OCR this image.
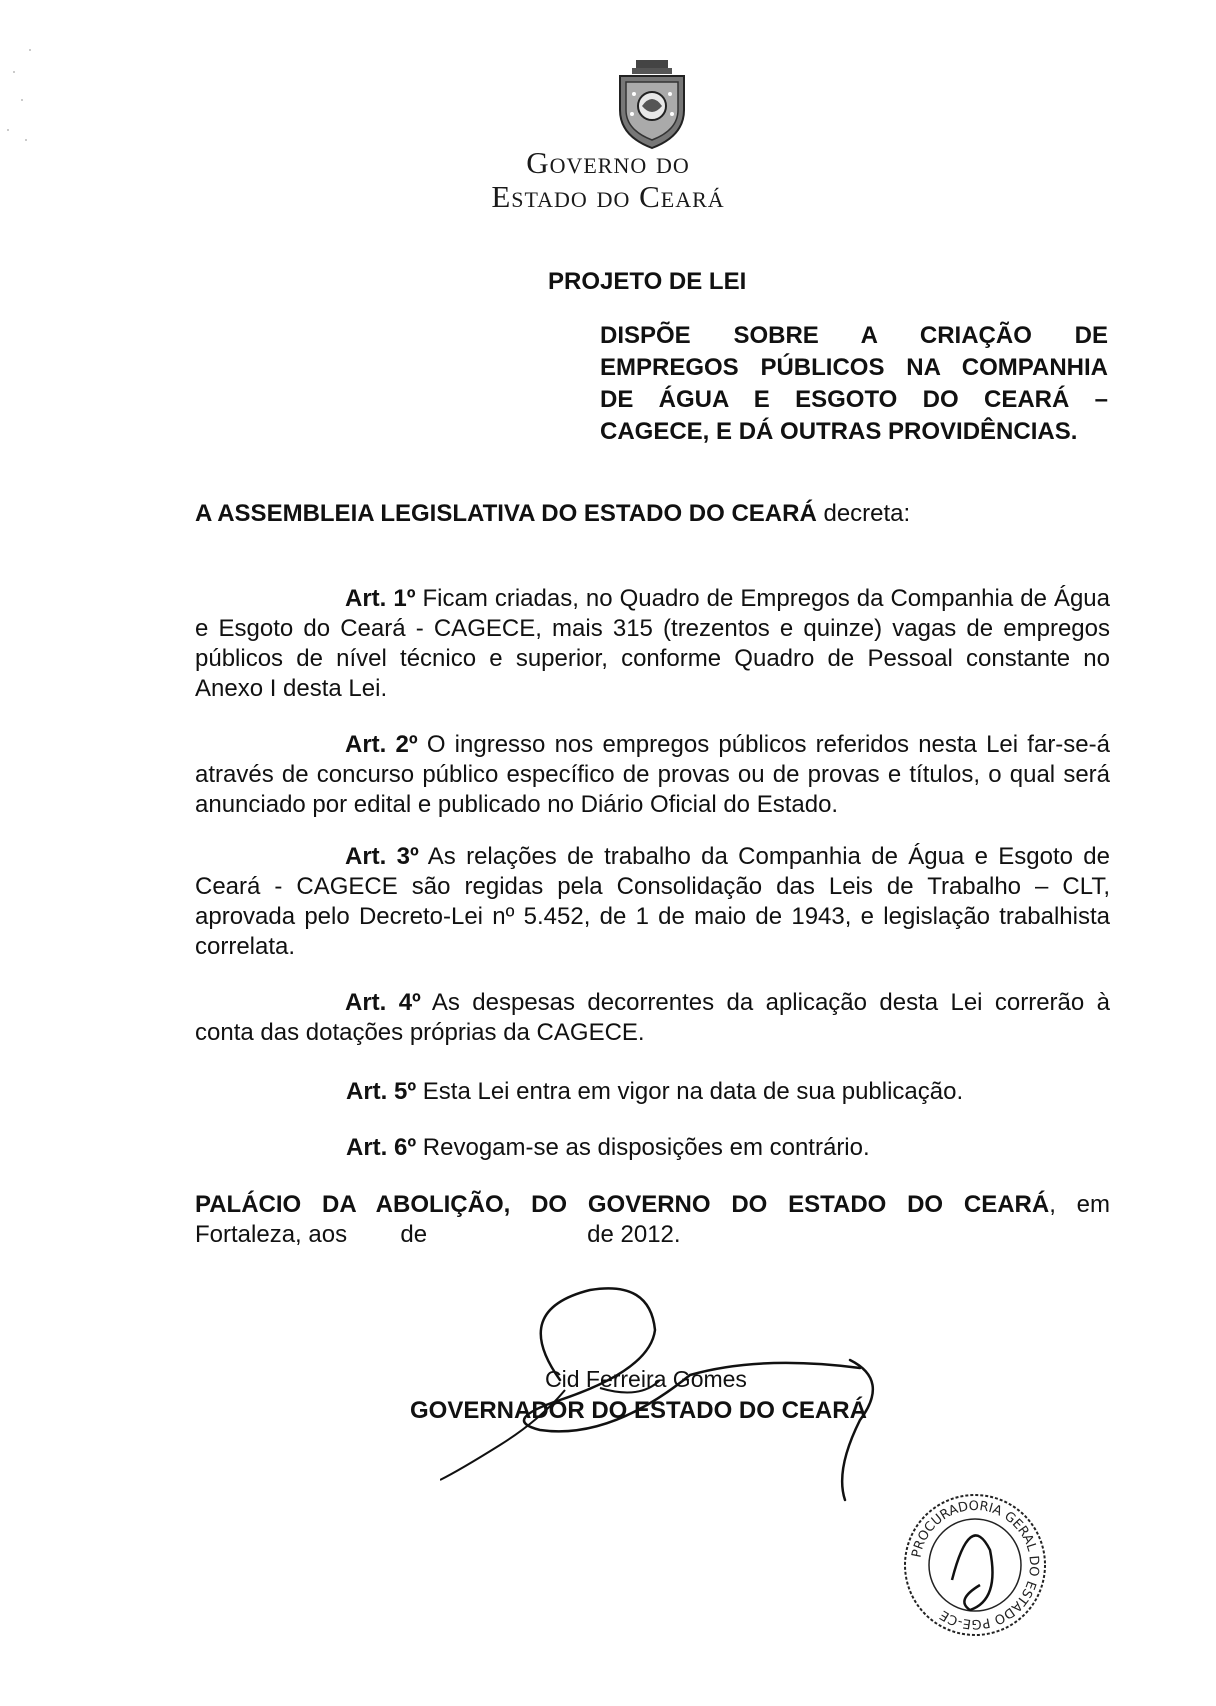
Governo do
Estado do Ceará
PROJETO DE LEI
DISPÕE SOBRE A CRIAÇÃO DE
EMPREGOS PÚBLICOS NA COMPANHIA
DE ÁGUA E ESGOTO DO CEARÁ –
CAGECE, E DÁ OUTRAS PROVIDÊNCIAS.
A ASSEMBLEIA LEGISLATIVA DO ESTADO DO CEARÁ decreta:
Art. 1º Ficam criadas, no Quadro de Empregos da Companhia de Água e Esgoto do Ceará - CAGECE, mais 315 (trezentos e quinze) vagas de empregos públicos de nível técnico e superior, conforme Quadro de Pessoal constante no Anexo I desta Lei.
Art. 2º O ingresso nos empregos públicos referidos nesta Lei far-se-á através de concurso público específico de provas ou de provas e títulos, o qual será anunciado por edital e publicado no Diário Oficial do Estado.
Art. 3º As relações de trabalho da Companhia de Água e Esgoto de Ceará - CAGECE são regidas pela Consolidação das Leis de Trabalho – CLT, aprovada pelo Decreto-Lei nº 5.452, de 1 de maio de 1943, e legislação trabalhista correlata.
Art. 4º As despesas decorrentes da aplicação desta Lei correrão à conta das dotações próprias da CAGECE.
Art. 5º Esta Lei entra em vigor na data de sua publicação.
Art. 6º Revogam-se as disposições em contrário.
PALÁCIO DA ABOLIÇÃO, DO GOVERNO DO ESTADO DO CEARÁ, em
Fortaleza, aos        de                        de 2012.
Cid Ferreira Gomes
GOVERNADOR DO ESTADO DO CEARÁ
PROCURADORIA GERAL DO ESTADO PGE-CE
